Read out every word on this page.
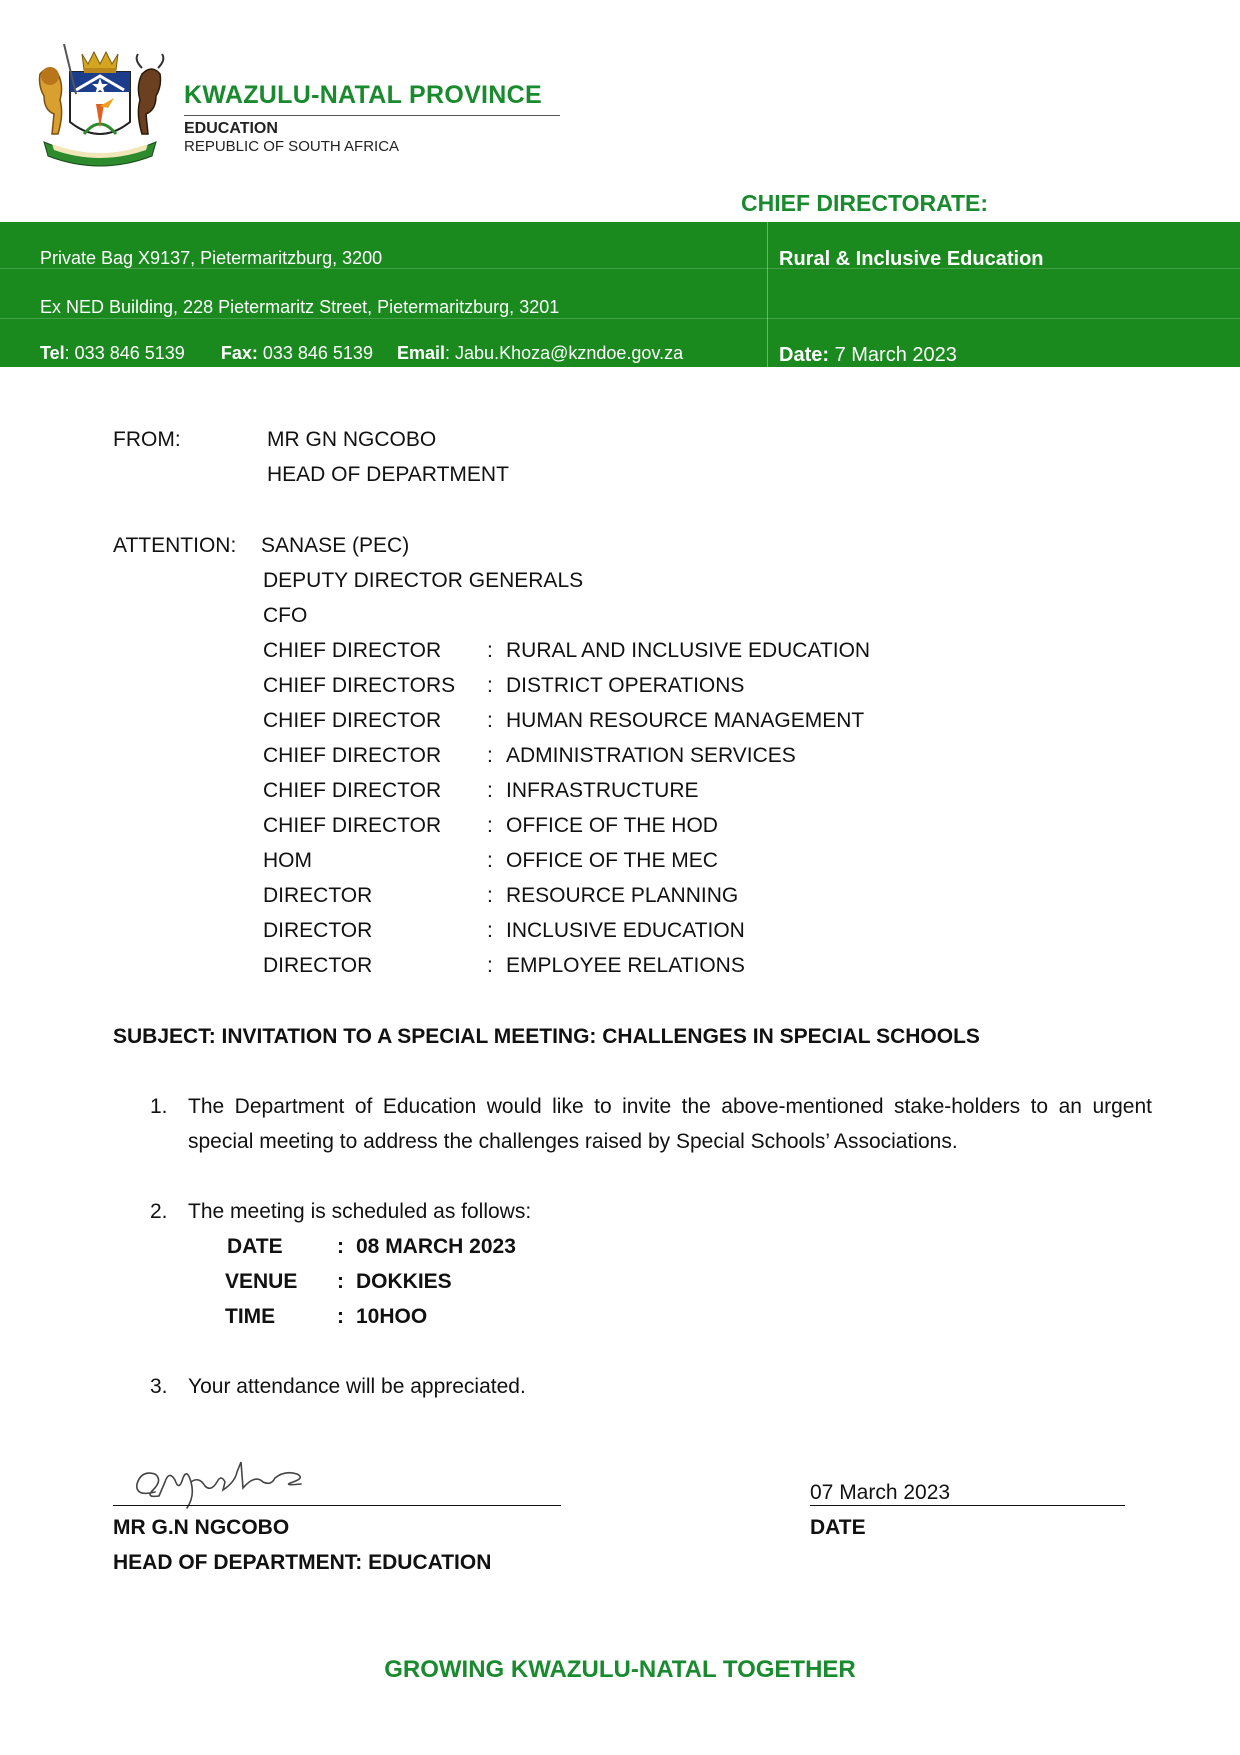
KWAZULU-NATAL PROVINCE
EDUCATION
REPUBLIC OF SOUTH AFRICA
CHIEF DIRECTORATE:
Private Bag X9137, Pietermaritzburg, 3200
Ex NED Building, 228 Pietermaritz Street, Pietermaritzburg, 3201
Tel: 033 846 5139 Fax: 033 846 5139 Email: Jabu.Khoza@kzndoe.gov.za
Rural & Inclusive Education
Date: 7 March 2023
FROM:	MR GN NGCOBO
HEAD OF DEPARTMENT
ATTENTION: SANASE (PEC)
DEPUTY DIRECTOR GENERALS
CFO
CHIEF DIRECTOR : RURAL AND INCLUSIVE EDUCATION
CHIEF DIRECTORS : DISTRICT OPERATIONS
CHIEF DIRECTOR : HUMAN RESOURCE MANAGEMENT
CHIEF DIRECTOR : ADMINISTRATION SERVICES
CHIEF DIRECTOR : INFRASTRUCTURE
CHIEF DIRECTOR : OFFICE OF THE HOD
HOM	: OFFICE OF THE MEC
DIRECTOR	: RESOURCE PLANNING
DIRECTOR	: INCLUSIVE EDUCATION
DIRECTOR	: EMPLOYEE RELATIONS
SUBJECT: INVITATION TO A SPECIAL MEETING: CHALLENGES IN SPECIAL SCHOOLS
1. The Department of Education would like to invite the above-mentioned stake-holders to an urgent special meeting to address the challenges raised by Special Schools’ Associations.
2. The meeting is scheduled as follows:
DATE	: 08 MARCH 2023
VENUE : DOKKIES
TIME	: 10HOO
3. Your attendance will be appreciated.
MR G.N NGCOBO
HEAD OF DEPARTMENT: EDUCATION
07 March 2023
DATE
GROWING KWAZULU-NATAL TOGETHER
